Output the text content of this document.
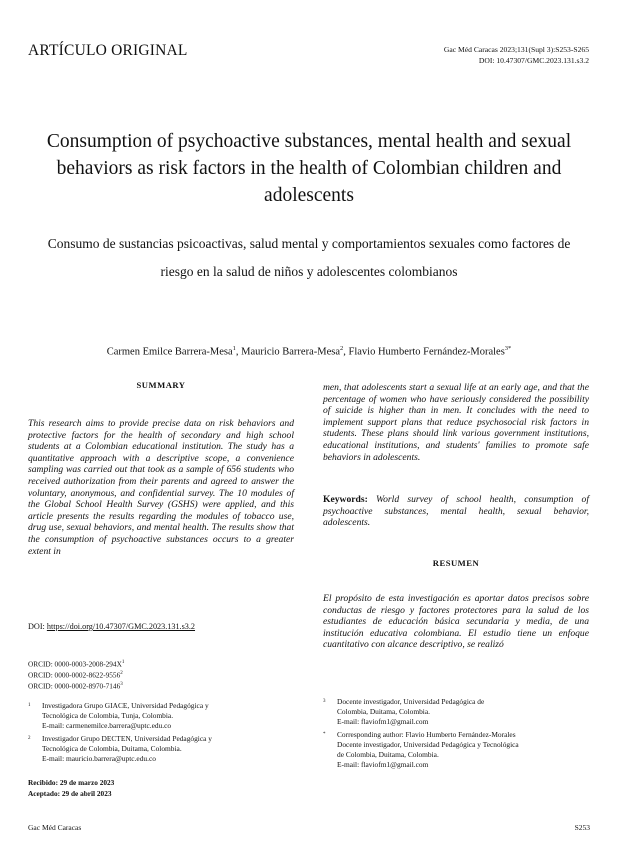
ARTÍCULO ORIGINAL	Gac Méd Caracas 2023;131(Supl 3):S253-S265
DOI: 10.47307/GMC.2023.131.s3.2
Consumption of psychoactive substances, mental health and sexual behaviors as risk factors in the health of Colombian children and adolescents
Consumo de sustancias psicoactivas, salud mental y comportamientos sexuales como factores de riesgo en la salud de niños y adolescentes colombianos
Carmen Emilce Barrera-Mesa$^1$, Mauricio Barrera-Mesa$^2$, Flavio Humberto Fernández-Morales$^{3*}$
SUMMARY

This research aims to provide precise data on risk behaviors and protective factors for the health of secondary and high school students at a Colombian educational institution. The study has a quantitative approach with a descriptive scope, a convenience sampling was carried out that took as a sample of 656 students who received authorization from their parents and agreed to answer the voluntary, anonymous, and confidential survey. The 10 modules of the Global School Health Survey (GSHS) were applied, and this article presents the results regarding the modules of tobacco use, drug use, sexual behaviors, and mental health. The results show that the consumption of psychoactive substances occurs to a greater extent in

DOI: https://doi.org/10.47307/GMC.2023.131.s3.2
ORCID: $0000-0003-2008-294X^1$
ORCID: 0000-0002-8622-9556$^2$
ORCID: 0000-0002-8970-7146$^3$
$^1$	Investigadora Grupo GIACE, Universidad Pedagógica y
Tecnológica de Colombia, Tunja, Colombia.
E-mail: carmenemilce.barrera@uptc.edu.co
$^2$	Investigador Grupo DECTEN, Universidad Pedagógica y
Tecnológica de Colombia, Duitama, Colombia.
E-mail: mauricio.barrera@uptc.edu.co
Recibido: 29 de marzo 2023
Aceptado: 29 de abril 2023

men, that adolescents start a sexual life at an early age, and that the percentage of women who have seriously considered the possibility of suicide is higher than in men. It concludes with the need to implement support plans that reduce psychosocial risk factors in students. These plans should link various government institutions, educational institutions, and students' families to promote safe behaviors in adolescents.

Keywords: World survey of school health, consumption of psychoactive substances, mental health, sexual behavior, adolescents.
RESUMEN

El propósito de esta investigación es aportar datos precisos sobre conductas de riesgo y factores protectores para la salud de los estudiantes de educación básica secundaria y media, de una institución educativa colombiana. El estudio tiene un enfoque cuantitativo con alcance descriptivo, se realizó

$^3$	Docente investigador, Universidad Pedagógica de
Colombia, Duitama, Colombia.
E-mail: flaviofm1@gmail.com
*	Corresponding author: Flavio Humberto Fernández-Morales
Docente investigador, Universidad Pedagógica y Tecnológica
de Colombia, Duitama, Colombia.
E-mail: flaviofm1@gmail.com
Gac Méd Caracas	S253
